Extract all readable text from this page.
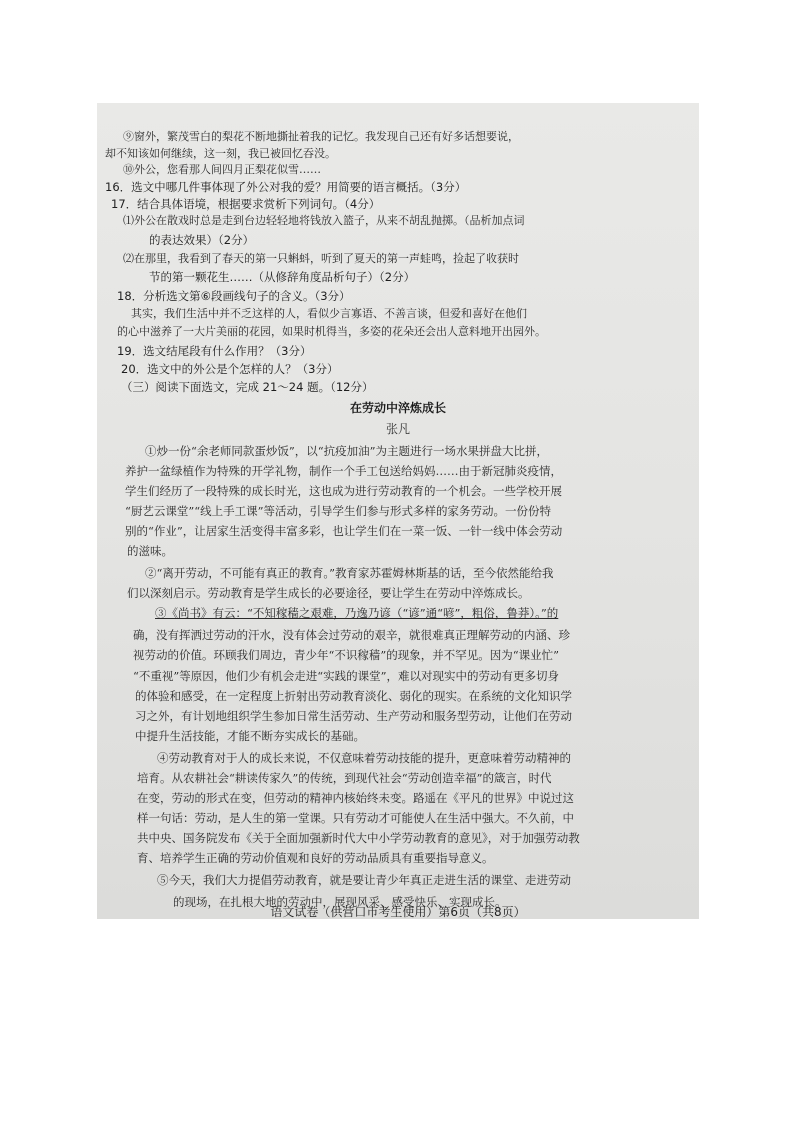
在劳动中淬炼成长
张凡
③《尚书》有云：“不知稼穑之艰难，乃逸乃谚（“谚”通“喭”，粗俗，鲁莽）。”的
语文试卷（供营口市考生使用）第6页（共8页）
⑨窗外，繁茂雪白的梨花不断地撕扯着我的记忆。我发现自己还有好多话想要说，
却不知该如何继续，这一刻，我已被回忆吞没。
⑩外公，您看那人间四月正梨花似雪……
16．选文中哪几件事体现了外公对我的爱？用简要的语言概括。（3分）
17．结合具体语境，根据要求赏析下列词句。（4分）
⑴外公在散戏时总是走到台边轻轻地将钱放入篮子，从来不胡乱抛掷。（品析加点词
的表达效果）（2分）
⑵在那里，我看到了春天的第一只蝌蚪，听到了夏天的第一声蛙鸣，捡起了收获时
节的第一颗花生……（从修辞角度品析句子）（2分）
18．分析选文第⑥段画线句子的含义。（3分）
其实，我们生活中并不乏这样的人，看似少言寡语、不善言谈，但爱和喜好在他们
的心中滋养了一大片美丽的花园，如果时机得当，多姿的花朵还会出人意料地开出园外。
19．选文结尾段有什么作用？（3分）
20．选文中的外公是个怎样的人？（3分）
（三）阅读下面选文，完成 21～24 题。（12分）
①炒一份“余老师同款蛋炒饭”，以“抗疫加油”为主题进行一场水果拼盘大比拼，
养护一盆绿植作为特殊的开学礼物，制作一个手工包送给妈妈……由于新冠肺炎疫情，
学生们经历了一段特殊的成长时光，这也成为进行劳动教育的一个机会。一些学校开展
“厨艺云课堂”“线上手工课”等活动，引导学生们参与形式多样的家务劳动。一份份特
别的“作业”，让居家生活变得丰富多彩，也让学生们在一菜一饭、一针一线中体会劳动
的滋味。
②“离开劳动，不可能有真正的教育。”教育家苏霍姆林斯基的话，至今依然能给我
们以深刻启示。劳动教育是学生成长的必要途径，要让学生在劳动中淬炼成长。
确，没有挥洒过劳动的汗水，没有体会过劳动的艰辛，就很难真正理解劳动的内涵、珍
视劳动的价值。环顾我们周边，青少年“不识稼穑”的现象，并不罕见。因为“课业忙”
“不重视”等原因，他们少有机会走进“实践的课堂”，难以对现实中的劳动有更多切身
的体验和感受，在一定程度上折射出劳动教育淡化、弱化的现实。在系统的文化知识学
习之外，有计划地组织学生参加日常生活劳动、生产劳动和服务型劳动，让他们在劳动
中提升生活技能，才能不断夯实成长的基础。
④劳动教育对于人的成长来说，不仅意味着劳动技能的提升，更意味着劳动精神的
培育。从农耕社会“耕读传家久”的传统，到现代社会“劳动创造幸福”的箴言，时代
在变，劳动的形式在变，但劳动的精神内核始终未变。路遥在《平凡的世界》中说过这
样一句话：劳动，是人生的第一堂课。只有劳动才可能使人在生活中强大。不久前，中
共中央、国务院发布《关于全面加强新时代大中小学劳动教育的意见》，对于加强劳动教
育、培养学生正确的劳动价值观和良好的劳动品质具有重要指导意义。
⑤今天，我们大力提倡劳动教育，就是要让青少年真正走进生活的课堂、走进劳动
的现场，在扎根大地的劳动中，展现风采、感受快乐、实现成长。
